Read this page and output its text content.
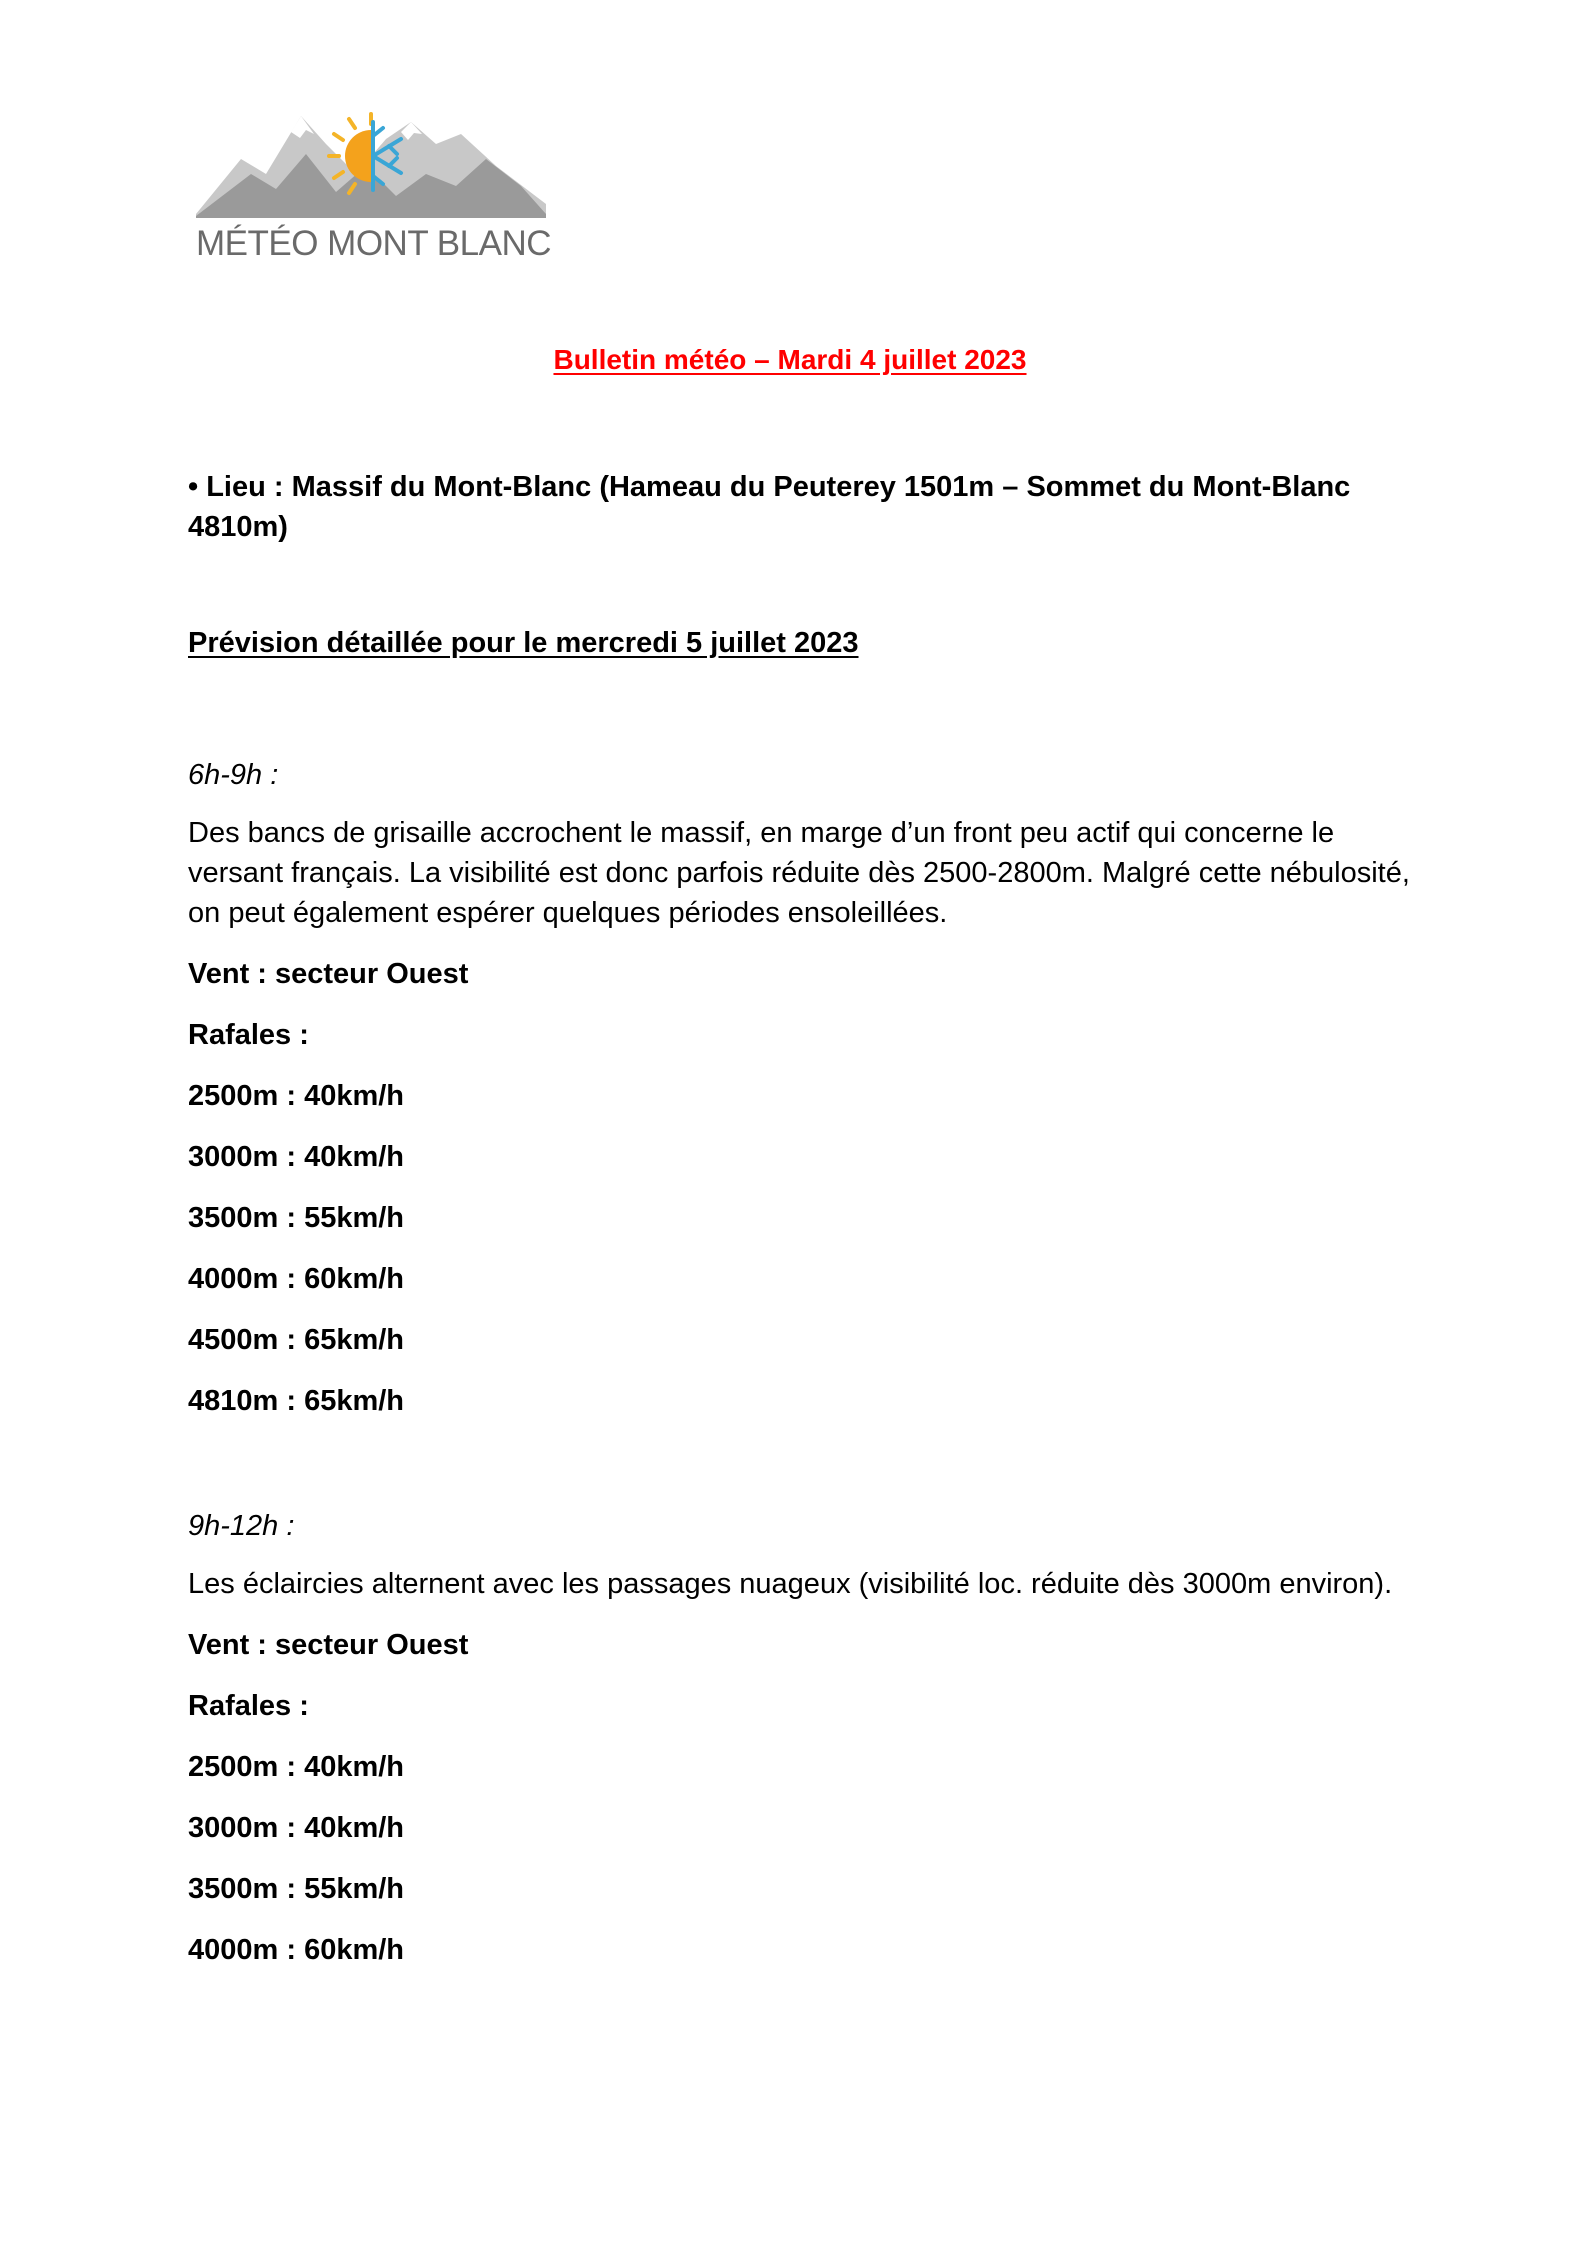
MÉTÉO MONT BLANC
Bulletin météo – Mardi 4 juillet 2023
• Lieu : Massif du Mont-Blanc (Hameau du Peuterey 1501m – Sommet du Mont-Blanc 4810m)
Prévision détaillée pour le mercredi 5 juillet 2023

6h-9h :

Des bancs de grisaille accrochent le massif, en marge d’un front peu actif qui concerne le versant français. La visibilité est donc parfois réduite dès 2500-2800m. Malgré cette nébulosité, on peut également espérer quelques périodes ensoleillées.

Vent : secteur Ouest

Rafales :

2500m : 40km/h

3000m : 40km/h

3500m : 55km/h

4000m : 60km/h

4500m : 65km/h

4810m : 65km/h

9h-12h :

Les éclaircies alternent avec les passages nuageux (visibilité loc. réduite dès 3000m environ).

Vent : secteur Ouest

Rafales :

2500m : 40km/h

3000m : 40km/h

3500m : 55km/h

4000m : 60km/h
